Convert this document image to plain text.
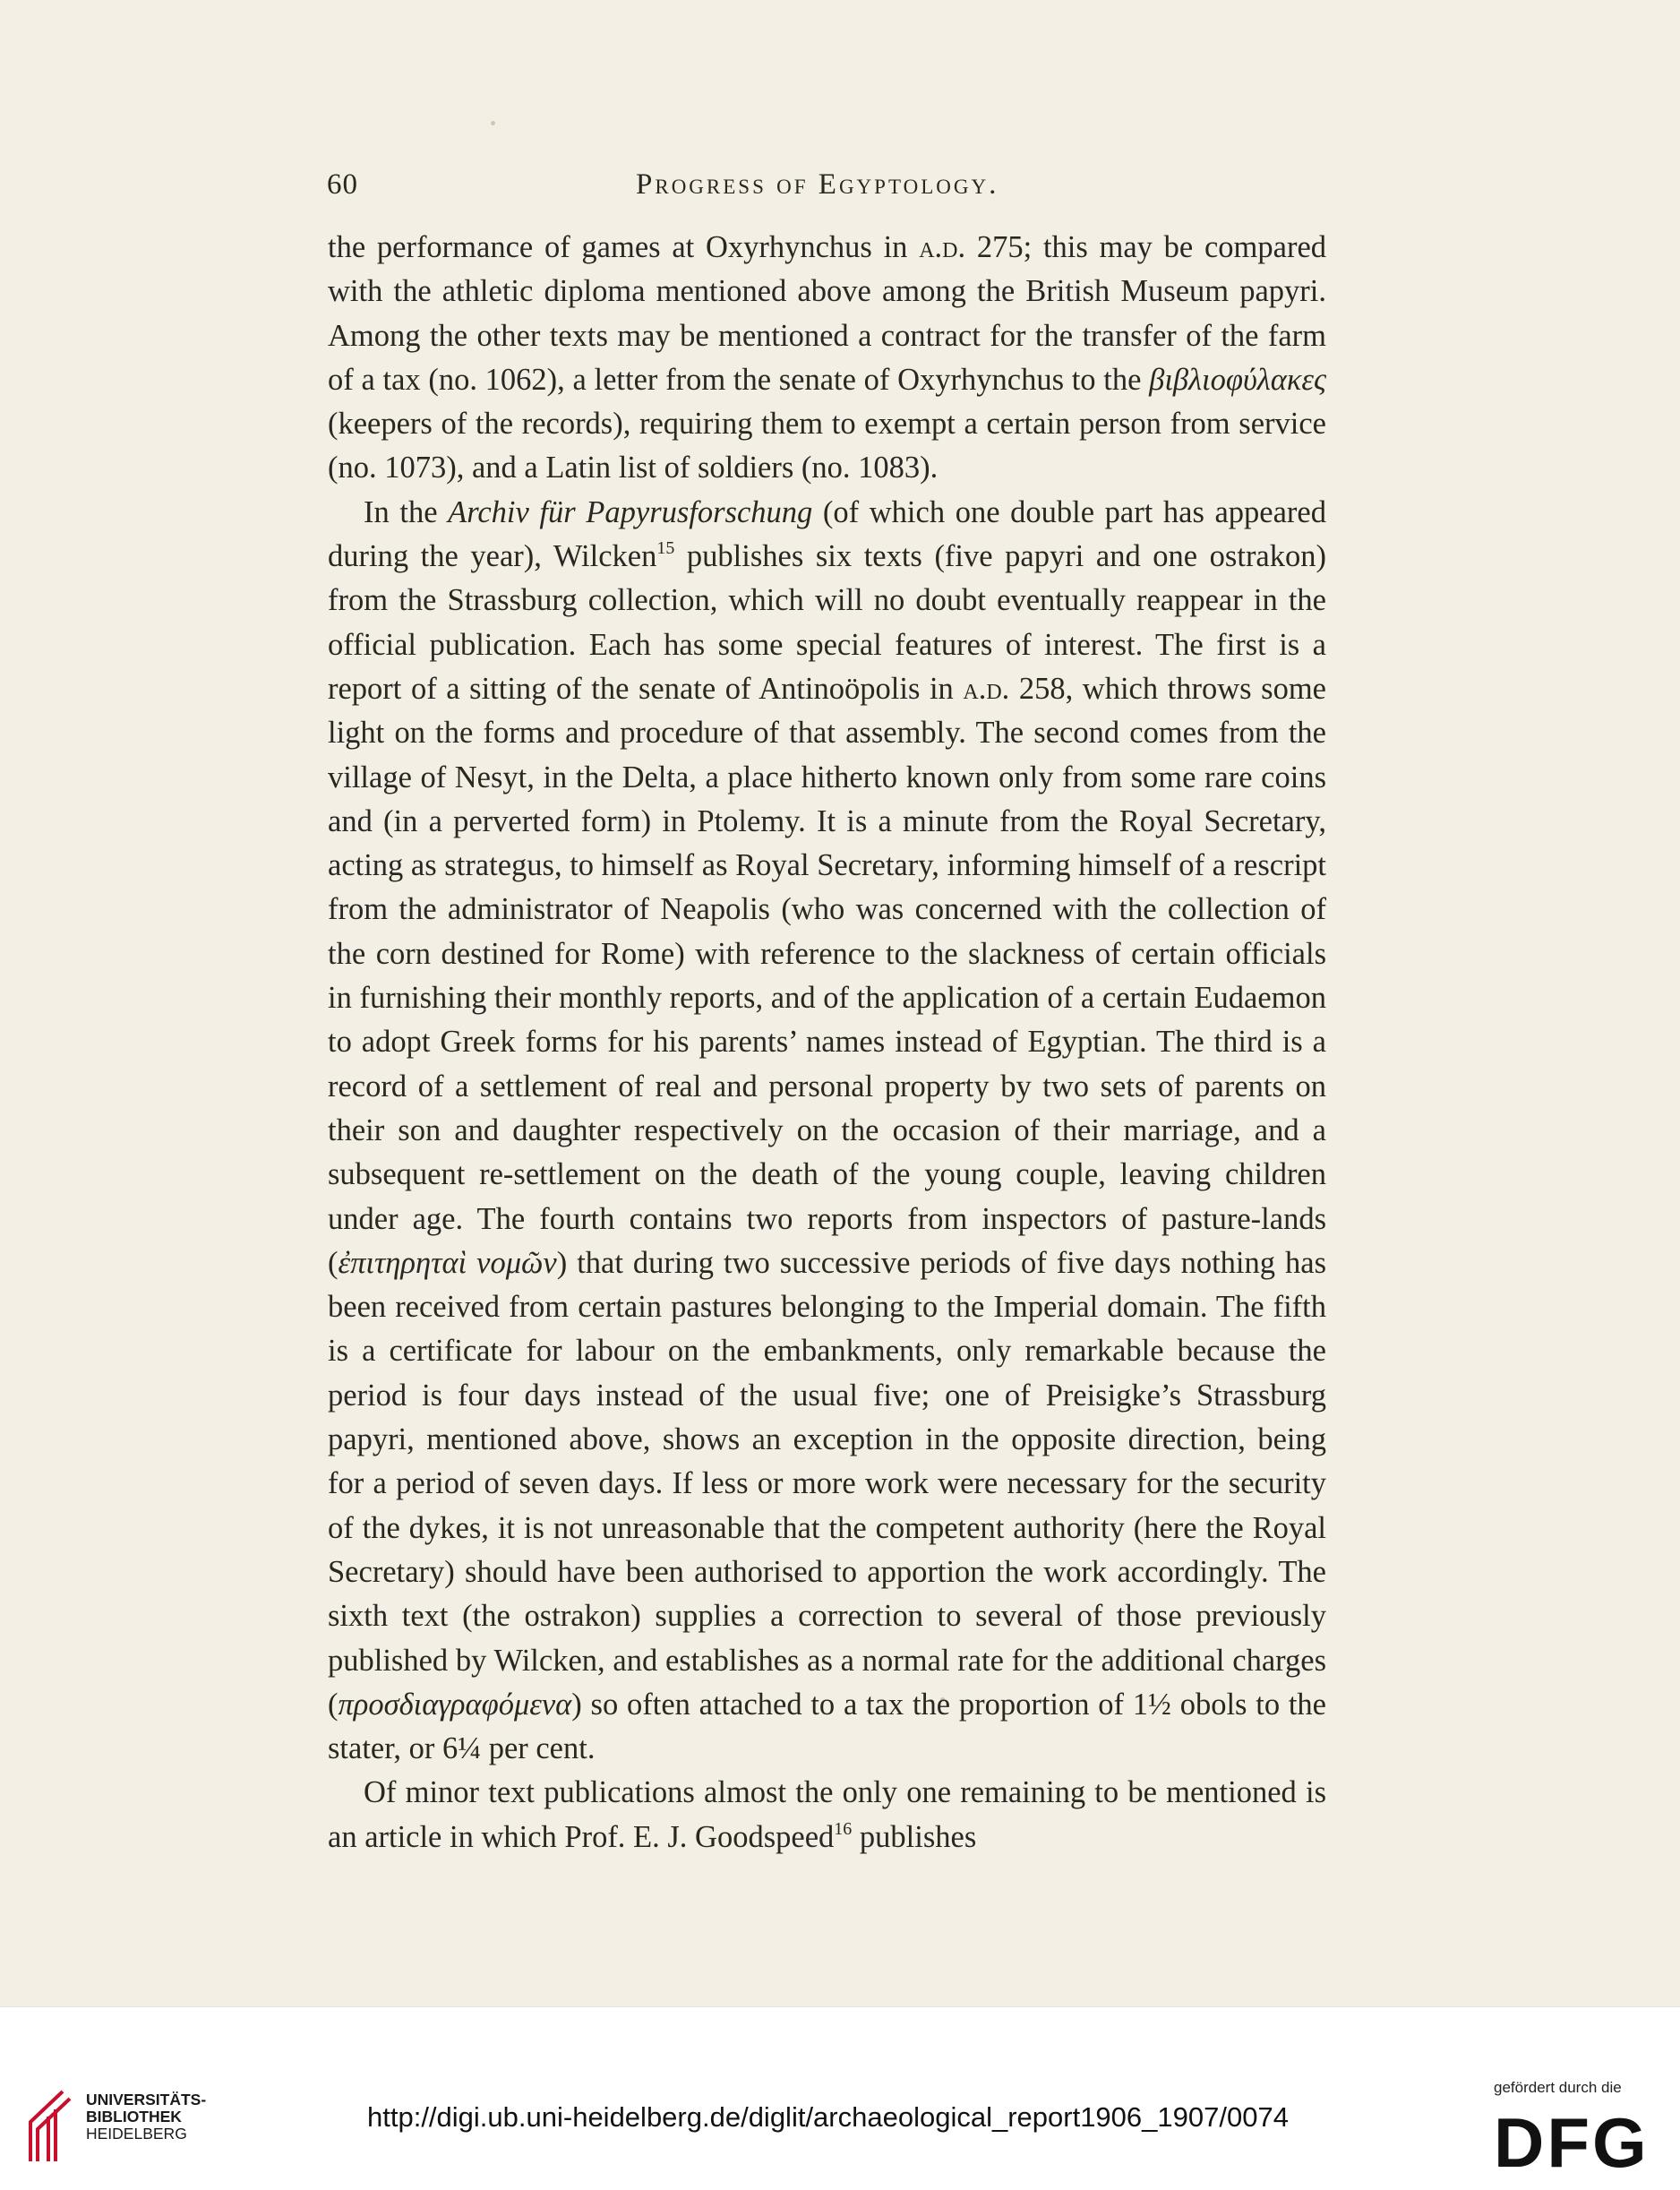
60	Progress of Egyptology.

the performance of games at Oxyrhynchus in a.d. 275; this may be compared with the athletic diploma mentioned above among the British Museum papyri. Among the other texts may be mentioned a contract for the transfer of the farm of a tax (no. 1062), a letter from the senate of Oxyrhynchus to the βιβλιοφύλακες (keepers of the records), requiring them to exempt a certain person from service (no. 1073), and a Latin list of soldiers (no. 1083).

In the Archiv für Papyrusforschung (of which one double part has appeared during the year), Wilcken$^{15}$ publishes six texts (five papyri and one ostrakon) from the Strassburg collection, which will no doubt eventually reappear in the official publication. Each has some special features of interest. The first is a report of a sitting of the senate of Antinoöpolis in a.d. 258, which throws some light on the forms and procedure of that assembly. The second comes from the village of Nesyt, in the Delta, a place hitherto known only from some rare coins and (in a perverted form) in Ptolemy. It is a minute from the Royal Secretary, acting as strategus, to himself as Royal Secretary, informing himself of a rescript from the administrator of Neapolis (who was concerned with the collection of the corn destined for Rome) with reference to the slackness of certain officials in furnishing their monthly reports, and of the application of a certain Eudaemon to adopt Greek forms for his parents’ names instead of Egyptian. The third is a record of a settlement of real and personal property by two sets of parents on their son and daughter respectively on the occasion of their marriage, and a subsequent re-settlement on the death of the young couple, leaving children under age. The fourth contains two reports from inspectors of pasture-lands (ἐπιτηρηταὶ νομῶν) that during two successive periods of five days nothing has been received from certain pastures belonging to the Imperial domain. The fifth is a certificate for labour on the embankments, only remarkable because the period is four days instead of the usual five; one of Preisigke’s Strassburg papyri, mentioned above, shows an exception in the opposite direction, being for a period of seven days. If less or more work were necessary for the security of the dykes, it is not unreasonable that the competent authority (here the Royal Secretary) should have been authorised to apportion the work accordingly. The sixth text (the ostrakon) supplies a correction to several of those previously published by Wilcken, and establishes as a normal rate for the additional charges (προσδιαγραφόμενα) so often attached to a tax the proportion of 1½ obols to the stater, or 6¼ per cent.

Of minor text publications almost the only one remaining to be mentioned is an article in which Prof. E. J. Goodspeed$^{16}$ publishes

UNIVERSITÄTS-
BIBLIOTHEK
HEIDELBERG
http://digi.ub.uni-heidelberg.de/diglit/archaeological_report1906_1907/0074
gefördert durch die
DFG
